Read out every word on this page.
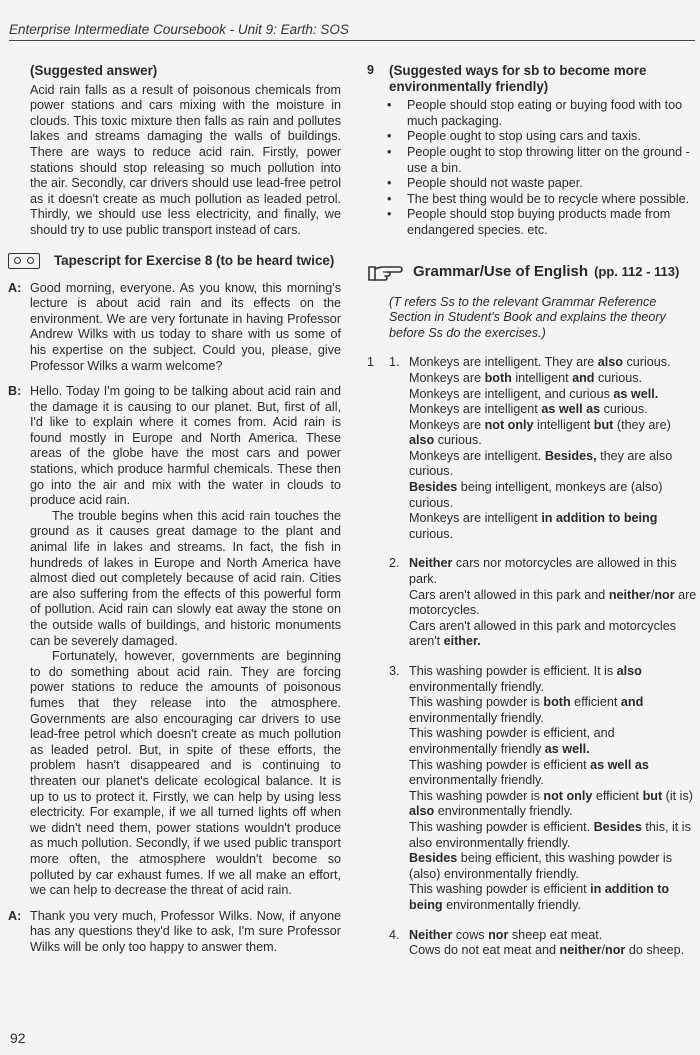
Enterprise Intermediate Coursebook - Unit 9: Earth: SOS
(Suggested answer)
Acid rain falls as a result of poisonous chemicals from power stations and cars mixing with the moisture in clouds. This toxic mixture then falls as rain and pollutes lakes and streams damaging the walls of buildings. There are ways to reduce acid rain. Firstly, power stations should stop releasing so much pollution into the air. Secondly, car drivers should use lead-free petrol as it doesn't create as much pollution as leaded petrol. Thirdly, we should use less electricity, and finally, we should try to use public transport instead of cars.
Tapescript for Exercise 8 (to be heard twice)
A: Good morning, everyone. As you know, this morning's lecture is about acid rain and its effects on the environment. We are very fortunate in having Professor Andrew Wilks with us today to share with us some of his expertise on the subject. Could you, please, give Professor Wilks a warm welcome?
B: Hello. Today I'm going to be talking about acid rain and the damage it is causing to our planet. But, first of all, I'd like to explain where it comes from. Acid rain is found mostly in Europe and North America. These areas of the globe have the most cars and power stations, which produce harmful chemicals. These then go into the air and mix with the water in clouds to produce acid rain.
The trouble begins when this acid rain touches the ground as it causes great damage to the plant and animal life in lakes and streams. In fact, the fish in hundreds of lakes in Europe and North America have almost died out completely because of acid rain. Cities are also suffering from the effects of this powerful form of pollution. Acid rain can slowly eat away the stone on the outside walls of buildings, and historic monuments can be severely damaged.
Fortunately, however, governments are beginning to do something about acid rain. They are forcing power stations to reduce the amounts of poisonous fumes that they release into the atmosphere. Governments are also encouraging car drivers to use lead-free petrol which doesn't create as much pollution as leaded petrol. But, in spite of these efforts, the problem hasn't disappeared and is continuing to threaten our planet's delicate ecological balance. It is up to us to protect it. Firstly, we can help by using less electricity. For example, if we all turned lights off when we didn't need them, power stations wouldn't produce as much pollution. Secondly, if we used public transport more often, the atmosphere wouldn't become so polluted by car exhaust fumes. If we all make an effort, we can help to decrease the threat of acid rain.
A: Thank you very much, Professor Wilks. Now, if anyone has any questions they'd like to ask, I'm sure Professor Wilks will be only too happy to answer them.
9	(Suggested ways for sb to become more environmentally friendly)
• People should stop eating or buying food with too much packaging.
• People ought to stop using cars and taxis.
• People ought to stop throwing litter on the ground - use a bin.
• People should not waste paper.
• The best thing would be to recycle where possible.
• People should stop buying products made from endangered species. etc.
Grammar/Use of English (pp. 112 - 113)
(T refers Ss to the relevant Grammar Reference Section in Student's Book and explains the theory before Ss do the exercises.)
1	1. Monkeys are intelligent. They are also curious.
Monkeys are both intelligent and curious.
Monkeys are intelligent, and curious as well.
Monkeys are intelligent as well as curious.
Monkeys are not only intelligent but (they are) also curious.
Monkeys are intelligent. Besides, they are also curious.
Besides being intelligent, monkeys are (also) curious.
Monkeys are intelligent in addition to being curious.
2. Neither cars nor motorcycles are allowed in this park.
Cars aren't allowed in this park and neither/nor are motorcycles.
Cars aren't allowed in this park and motorcycles aren't either.
3. This washing powder is efficient. It is also environmentally friendly.
This washing powder is both efficient and environmentally friendly.
This washing powder is efficient, and environmentally friendly as well.
This washing powder is efficient as well as environmentally friendly.
This washing powder is not only efficient but (it is) also environmentally friendly.
This washing powder is efficient. Besides this, it is also environmentally friendly.
Besides being efficient, this washing powder is (also) environmentally friendly.
This washing powder is efficient in addition to being environmentally friendly.
4. Neither cows nor sheep eat meat.
Cows do not eat meat and neither/nor do sheep.
92
